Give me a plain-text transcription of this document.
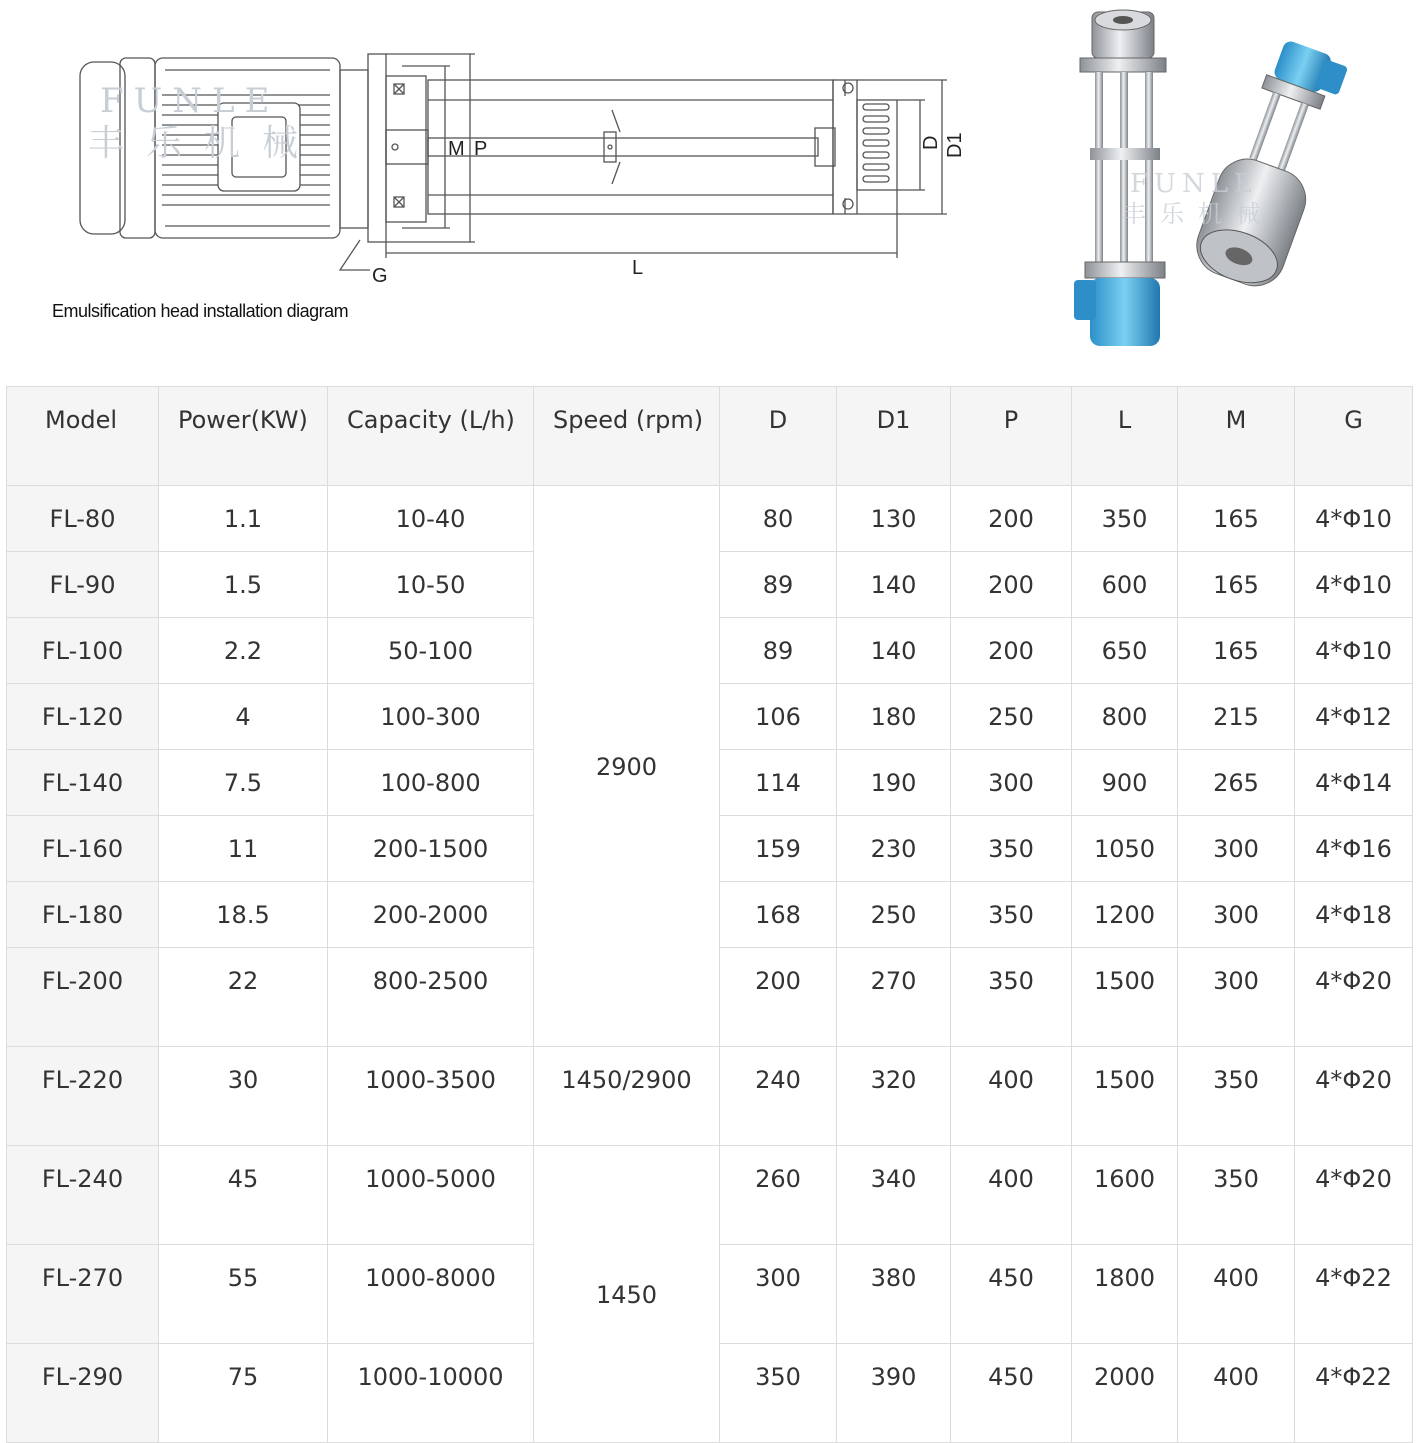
FUNLE
丰乐机械	M P
L
G
D D1
Emulsification head installation diagram
FUNLE
丰乐机械
Model	Power(KW)	Capacity (L/h)	Speed (rpm)	D	D1	P	L	M	G
FL-80	1.1	10-40	2900	80	130	200	350	165	4*Φ10
FL-90	1.5	10-50		89	140	200	600	165	4*Φ10
FL-100	2.2	50-100		89	140	200	650	165	4*Φ10
FL-120	4	100-300		106	180	250	800	215	4*Φ12
FL-140	7.5	100-800		114	190	300	900	265	4*Φ14
FL-160	11	200-1500		159	230	350	1050	300	4*Φ16
FL-180	18.5	200-2000		168	250	350	1200	300	4*Φ18
FL-200	22	800-2500		200	270	350	1500	300	4*Φ20
FL-220	30	1000-3500	1450/2900	240	320	400	1500	350	4*Φ20
FL-240	45	1000-5000	1450	260	340	400	1600	350	4*Φ20
FL-270	55	1000-8000		300	380	450	1800	400	4*Φ22
FL-290	75	1000-10000		350	390	450	2000	400	4*Φ22
